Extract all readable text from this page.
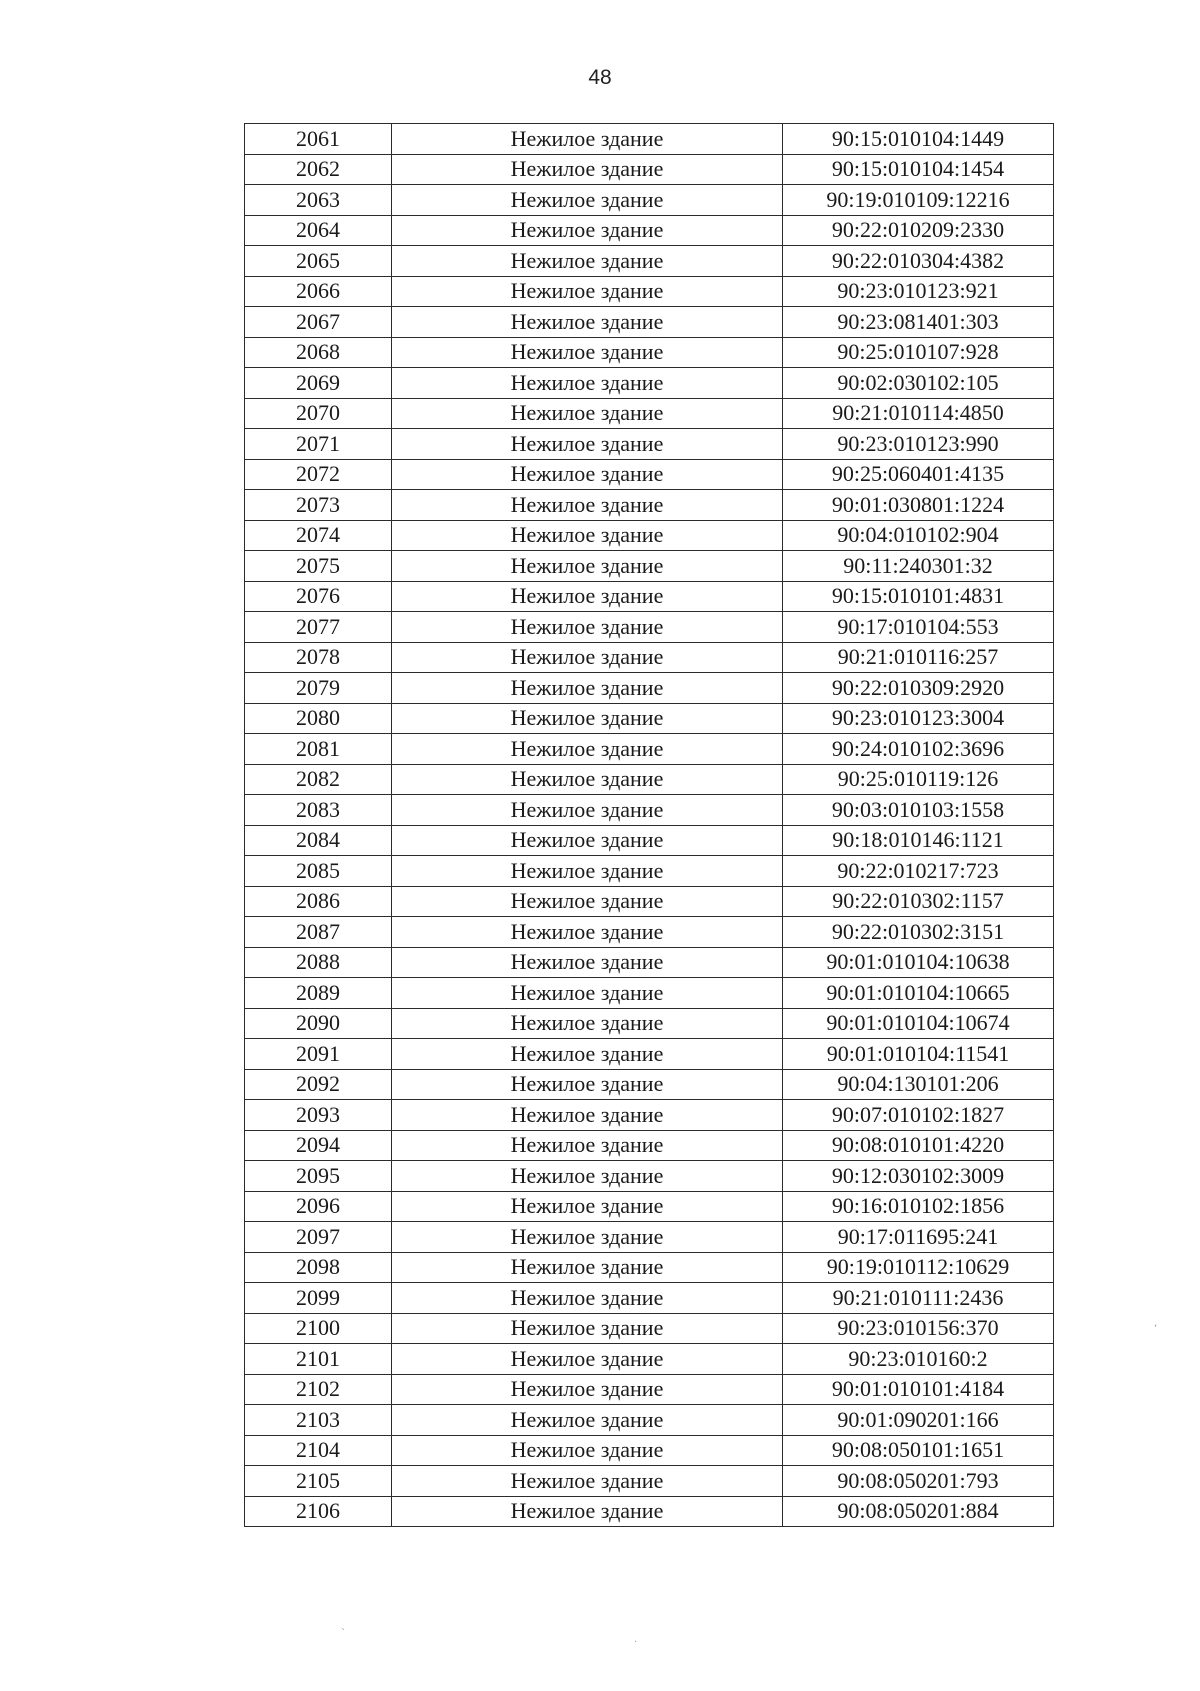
48
2061	Нежилое здание	90:15:010104:1449
2062	Нежилое здание	90:15:010104:1454
2063	Нежилое здание	90:19:010109:12216
2064	Нежилое здание	90:22:010209:2330
2065	Нежилое здание	90:22:010304:4382
2066	Нежилое здание	90:23:010123:921
2067	Нежилое здание	90:23:081401:303
2068	Нежилое здание	90:25:010107:928
2069	Нежилое здание	90:02:030102:105
2070	Нежилое здание	90:21:010114:4850
2071	Нежилое здание	90:23:010123:990
2072	Нежилое здание	90:25:060401:4135
2073	Нежилое здание	90:01:030801:1224
2074	Нежилое здание	90:04:010102:904
2075	Нежилое здание	90:11:240301:32
2076	Нежилое здание	90:15:010101:4831
2077	Нежилое здание	90:17:010104:553
2078	Нежилое здание	90:21:010116:257
2079	Нежилое здание	90:22:010309:2920
2080	Нежилое здание	90:23:010123:3004
2081	Нежилое здание	90:24:010102:3696
2082	Нежилое здание	90:25:010119:126
2083	Нежилое здание	90:03:010103:1558
2084	Нежилое здание	90:18:010146:1121
2085	Нежилое здание	90:22:010217:723
2086	Нежилое здание	90:22:010302:1157
2087	Нежилое здание	90:22:010302:3151
2088	Нежилое здание	90:01:010104:10638
2089	Нежилое здание	90:01:010104:10665
2090	Нежилое здание	90:01:010104:10674
2091	Нежилое здание	90:01:010104:11541
2092	Нежилое здание	90:04:130101:206
2093	Нежилое здание	90:07:010102:1827
2094	Нежилое здание	90:08:010101:4220
2095	Нежилое здание	90:12:030102:3009
2096	Нежилое здание	90:16:010102:1856
2097	Нежилое здание	90:17:011695:241
2098	Нежилое здание	90:19:010112:10629
2099	Нежилое здание	90:21:010111:2436
2100	Нежилое здание	90:23:010156:370
2101	Нежилое здание	90:23:010160:2
2102	Нежилое здание	90:01:010101:4184
2103	Нежилое здание	90:01:090201:166
2104	Нежилое здание	90:08:050101:1651
2105	Нежилое здание	90:08:050201:793
2106	Нежилое здание	90:08:050201:884
`
.
,
